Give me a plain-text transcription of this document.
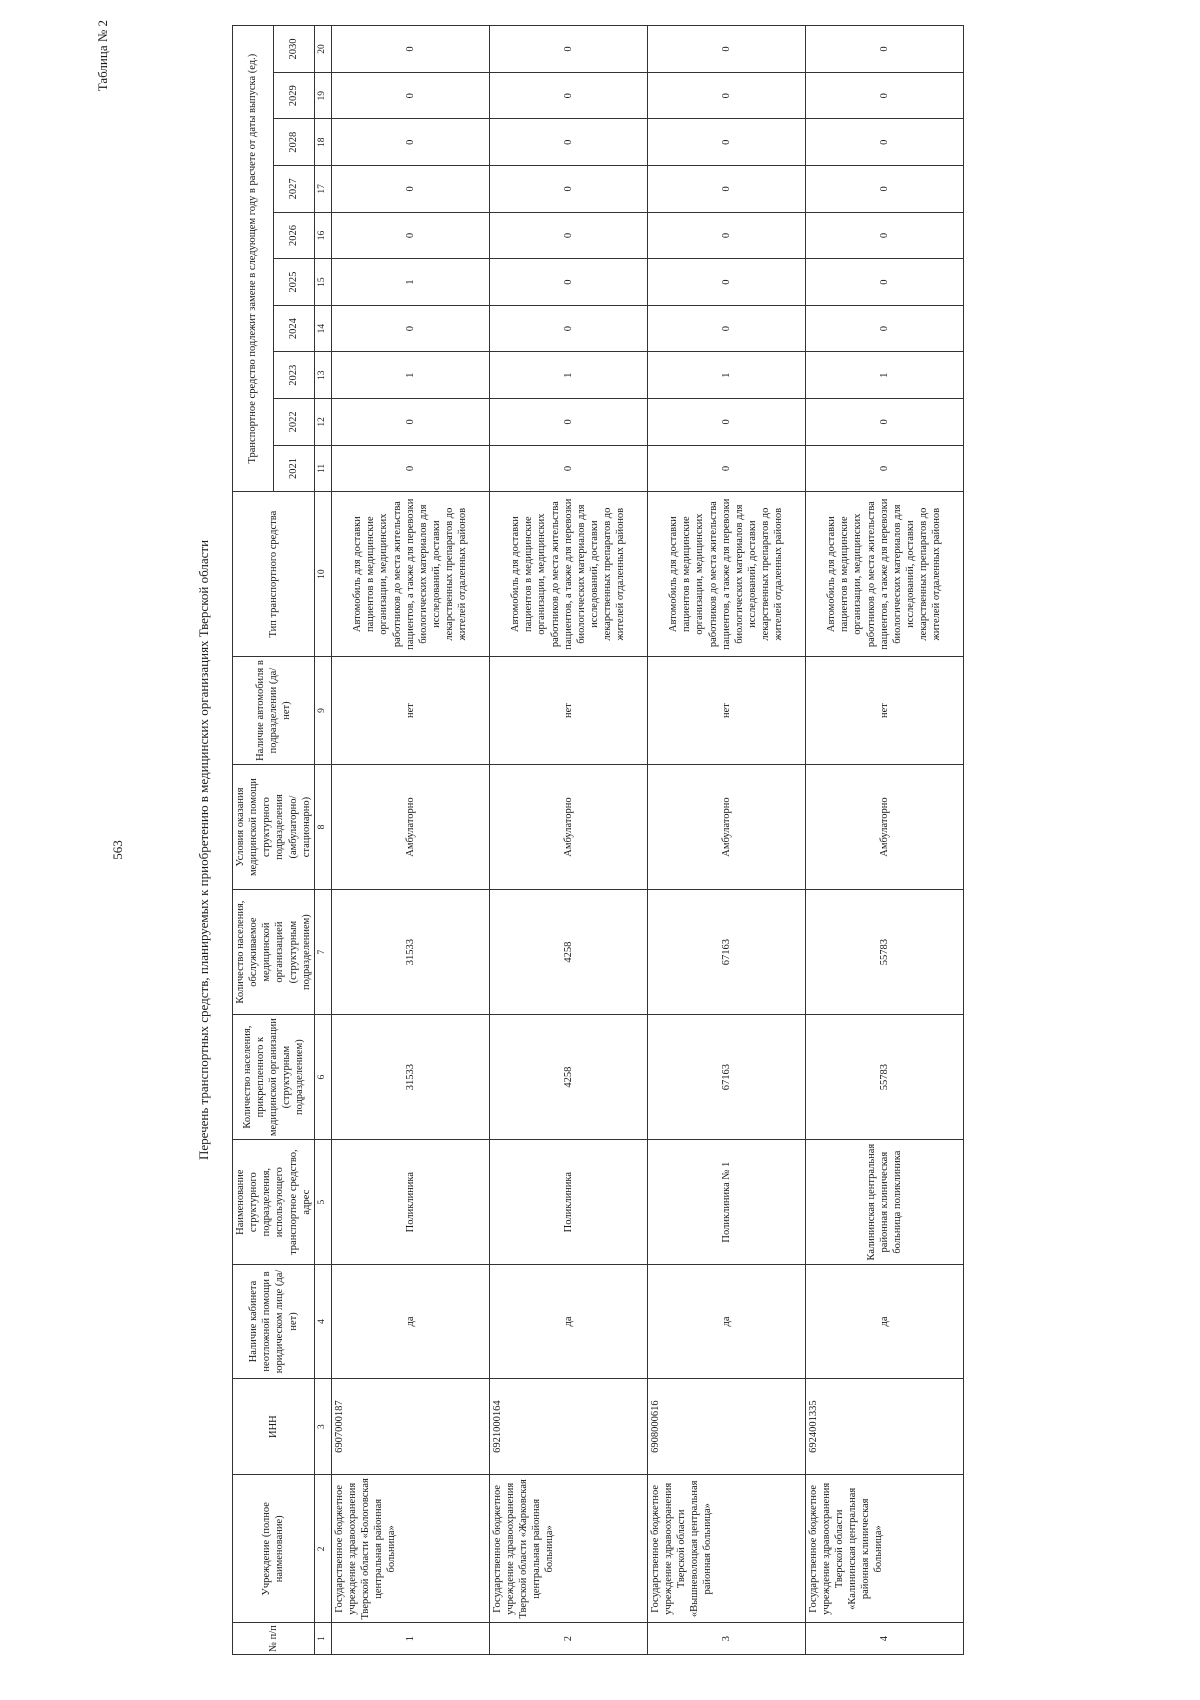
563
Таблица № 2
Перечень транспортных средств, планируемых к приобретению в медицинских организациях Тверской области
№ п/п	Учреждение (полное наименование)	ИНН	Наличие кабинета неотложной помощи в юридическом лице (да/нет)	Наименование структурного подразделения, использующего транспортное средство, адрес	Количество населения, прикрепленного к медицинской организации (структурным подразделением)	Количество населения, обслуживаемое медицинской организацией (структурным подразделением)	Условия оказания медицинской помощи структурного подразделения (амбулаторно/ стационарно)	Наличие автомобиля в подразделении (да/нет)	Тип транспортного средства	Транспортное средство подлежит замене в следующем году в расчете от даты выпуска (ед.)									
										2021	2022	2023	2024	2025	2026	2027	2028	2029	2030
1	2	3	4	5	6	7	8	9	10	11	12	13	14	15	16	17	18	19	20
1	Государственное бюджетное учреждение здравоохранения Тверской области «Бологовская центральная районная больница»	6907000187	да	Поликлиника	31533	31533	Амбулаторно	нет	Автомобиль для доставки пациентов в медицинские организации, медицинских работников до места жительства пациентов, а также для перевозки биологических материалов для исследований, доставки лекарственных препаратов до жителей отдаленных районов	0	0	1	0	1	0	0	0	0	0
2	Государственное бюджетное учреждение здравоохранения Тверской области «Жарковская центральная районная больница»	6921000164	да	Поликлиника	4258	4258	Амбулаторно	нет	Автомобиль для доставки пациентов в медицинские организации, медицинских работников до места жительства пациентов, а также для перевозки биологических материалов для исследований, доставки лекарственных препаратов до жителей отдаленных районов	0	0	1	0	0	0	0	0	0	0
3	Государственное бюджетное учреждение здравоохранения Тверской области «Вышневолоцкая центральная районная больница»	6908000616	да	Поликлиника № 1	67163	67163	Амбулаторно	нет	Автомобиль для доставки пациентов в медицинские организации, медицинских работников до места жительства пациентов, а также для перевозки биологических материалов для исследований, доставки лекарственных препаратов до жителей отдаленных районов	0	0	1	0	0	0	0	0	0	0
4	Государственное бюджетное учреждение здравоохранения Тверской области «Калининская центральная районная клиническая больница»	6924001335	да	Калининская центральная районная клиническая больница поликлиника	55783	55783	Амбулаторно	нет	Автомобиль для доставки пациентов в медицинские организации, медицинских работников до места жительства пациентов, а также для перевозки биологических материалов для исследований, доставки лекарственных препаратов до жителей отдаленных районов	0	0	1	0	0	0	0	0	0	0
